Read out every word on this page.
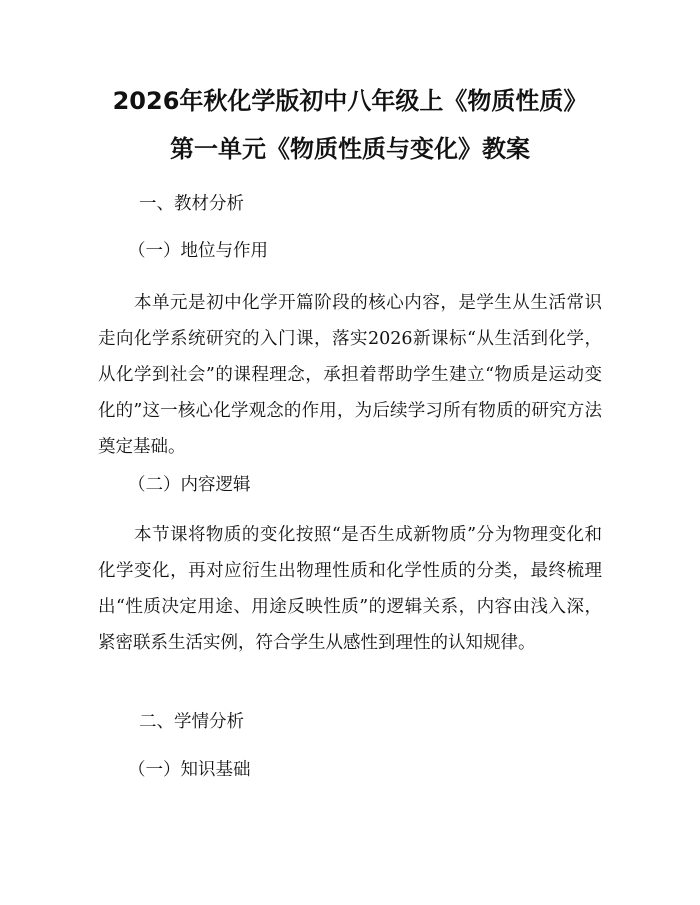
2026年秋化学版初中八年级上《物质性质》
第一单元《物质性质与变化》教案

一、教材分析

（一）地位与作用

本单元是初中化学开篇阶段的核心内容，是学生从生活常识走向化学系统研究的入门课，落实2026新课标“从生活到化学，从化学到社会”的课程理念，承担着帮助学生建立“物质是运动变化的”这一核心化学观念的作用，为后续学习所有物质的研究方法奠定基础。

（二）内容逻辑

本节课将物质的变化按照“是否生成新物质”分为物理变化和化学变化，再对应衍生出物理性质和化学性质的分类，最终梳理出“性质决定用途、用途反映性质”的逻辑关系，内容由浅入深，紧密联系生活实例，符合学生从感性到理性的认知规律。

二、学情分析

（一）知识基础
